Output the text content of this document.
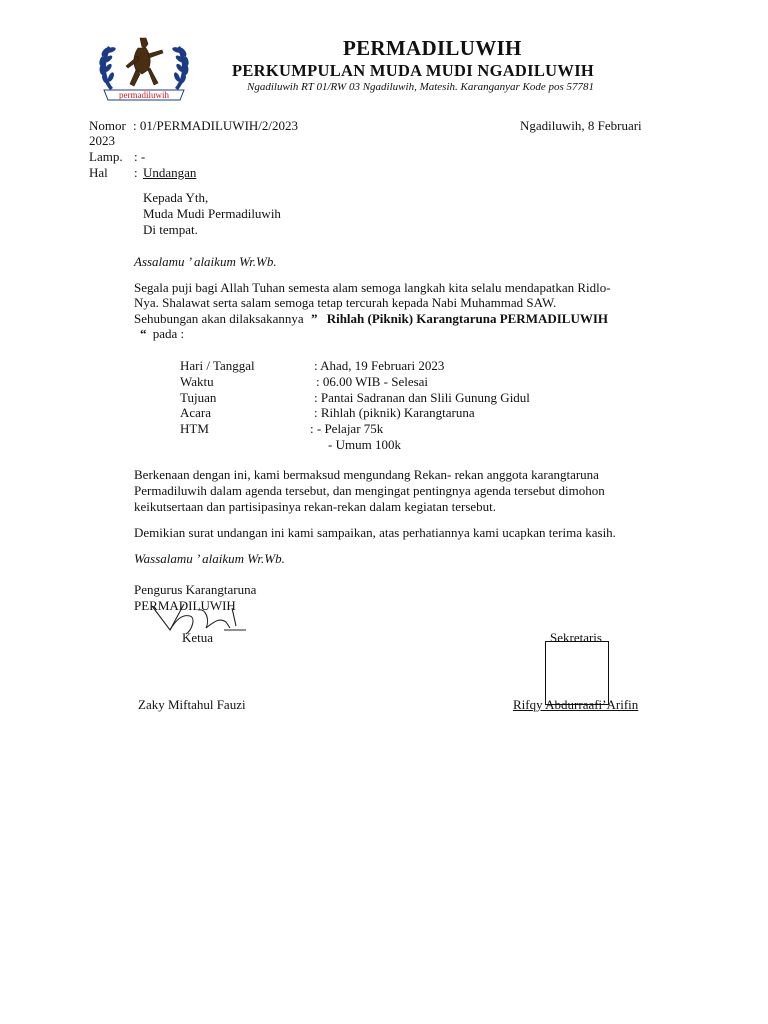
permadiluwih
PERMADILUWIH
PERKUMPULAN MUDA MUDI NGADILUWIH
Ngadiluwih RT 01/RW 03 Ngadiluwih, Matesih. Karanganyar Kode pos 57781
Nomor : 01/PERMADILUWIH/2/2023	Ngadiluwih, 8 Februari
2023
Lamp. : -
Hal : Undangan
Kepada Yth,
Muda Mudi Permadiluwih
Di tempat.
Assalamu ’ alaikum Wr.Wb.
Segala puji bagi Allah Tuhan semesta alam semoga langkah kita selalu mendapatkan Ridlo-
Nya. Shalawat serta salam semoga tetap tercurah kepada Nabi Muhammad SAW.
Sehubungan akan dilaksakannya ” Rihlah (Piknik) Karangtaruna PERMADILUWIH
“ pada :
Hari / Tanggal	: Ahad, 19 Februari 2023
Waktu	: 06.00 WIB - Selesai
Tujuan	: Pantai Sadranan dan Slili Gunung Gidul
Acara	: Rihlah (piknik) Karangtaruna
HTM	: - Pelajar 75k
- Umum 100k
Berkenaan dengan ini, kami bermaksud mengundang Rekan- rekan anggota karangtaruna
Permadiluwih dalam agenda tersebut, dan mengingat pentingnya agenda tersebut dimohon
keikutsertaan dan partisipasinya rekan-rekan dalam kegiatan tersebut.
Demikian surat undangan ini kami sampaikan, atas perhatiannya kami ucapkan terima kasih.
Wassalamu ’ alaikum Wr.Wb.
Pengurus Karangtaruna
PERMADILUWIH
Ketua	Sekretaris
Zaky Miftahul Fauzi	Rifqy Abdurraafi’Arifin
